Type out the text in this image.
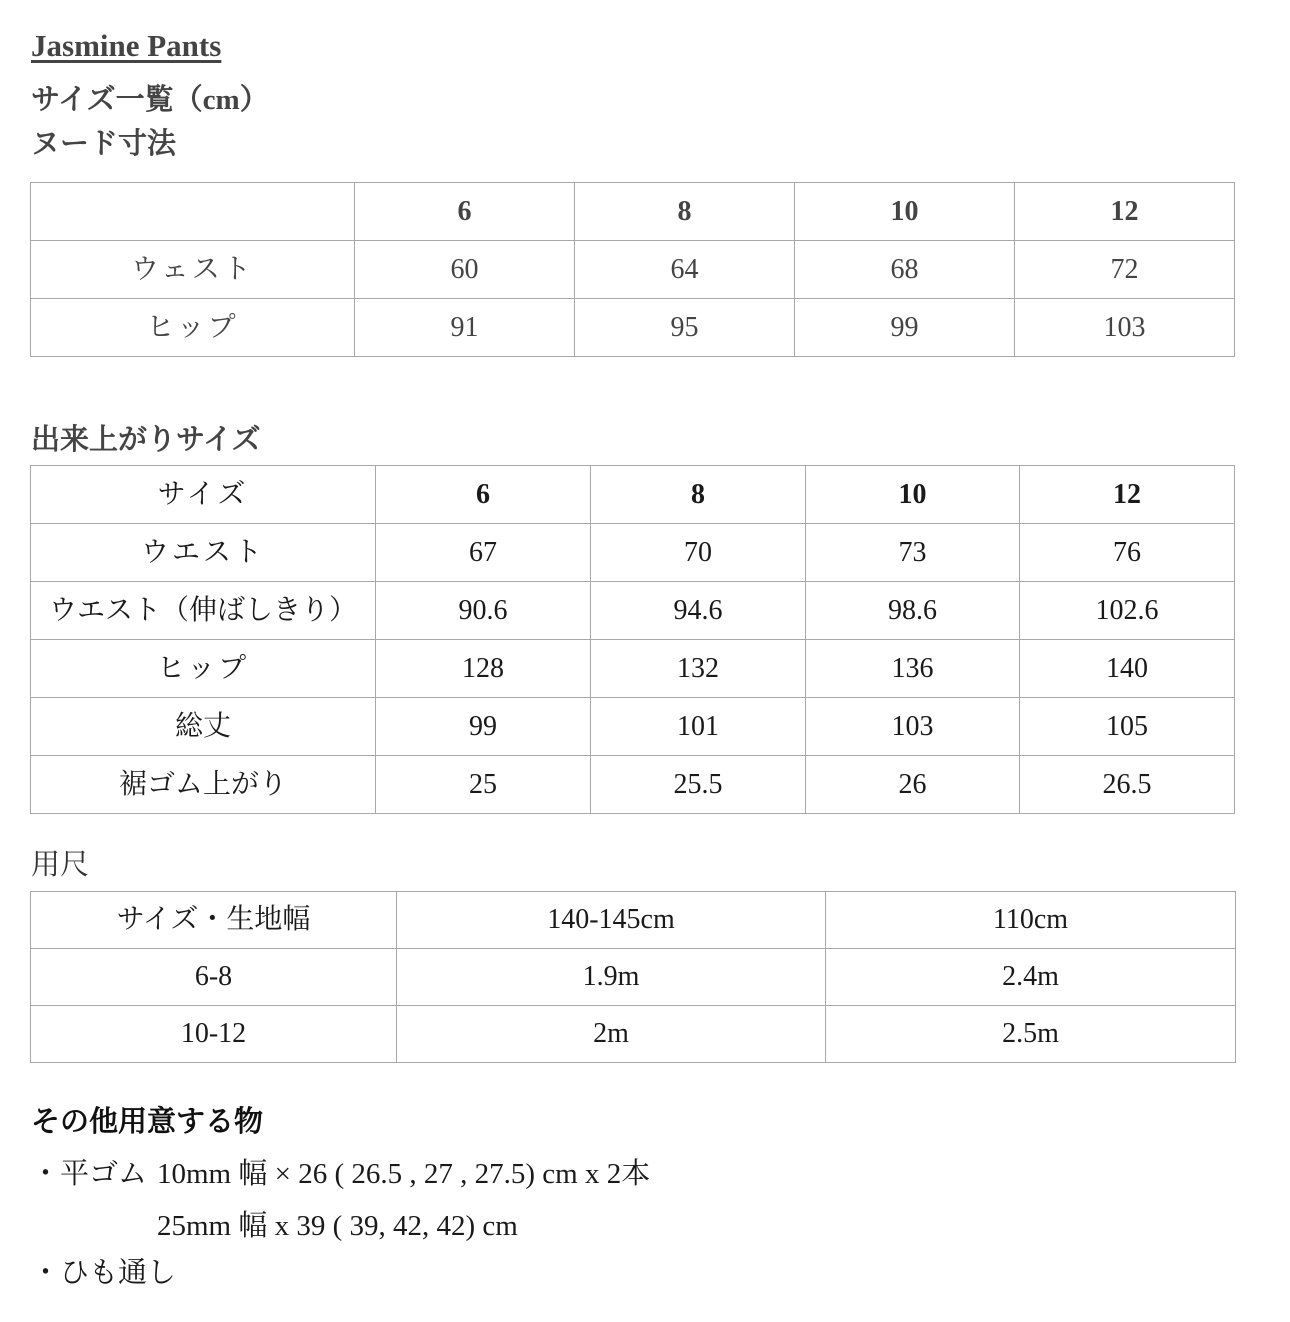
Jasmine Pants
サイズ一覧（cm）
ヌード寸法
	6	8	10	12
ウェスト	60	64	68	72
ヒップ	91	95	99	103
出来上がりサイズ
サイズ	6	8	10	12
ウエスト	67	70	73	76
ウエスト（伸ばしきり）	90.6	94.6	98.6	102.6
ヒップ	128	132	136	140
総丈	99	101	103	105
裾ゴム上がり	25	25.5	26	26.5
用尺
サイズ・生地幅	140-145cm	110cm
6-8	1.9m	2.4m
10-12	2m	2.5m
その他用意する物
・平ゴム 10mm 幅 × 26 ( 26.5 , 27 , 27.5) cm x 2本
25mm 幅 x 39 ( 39, 42, 42) cm
・ひも通し
